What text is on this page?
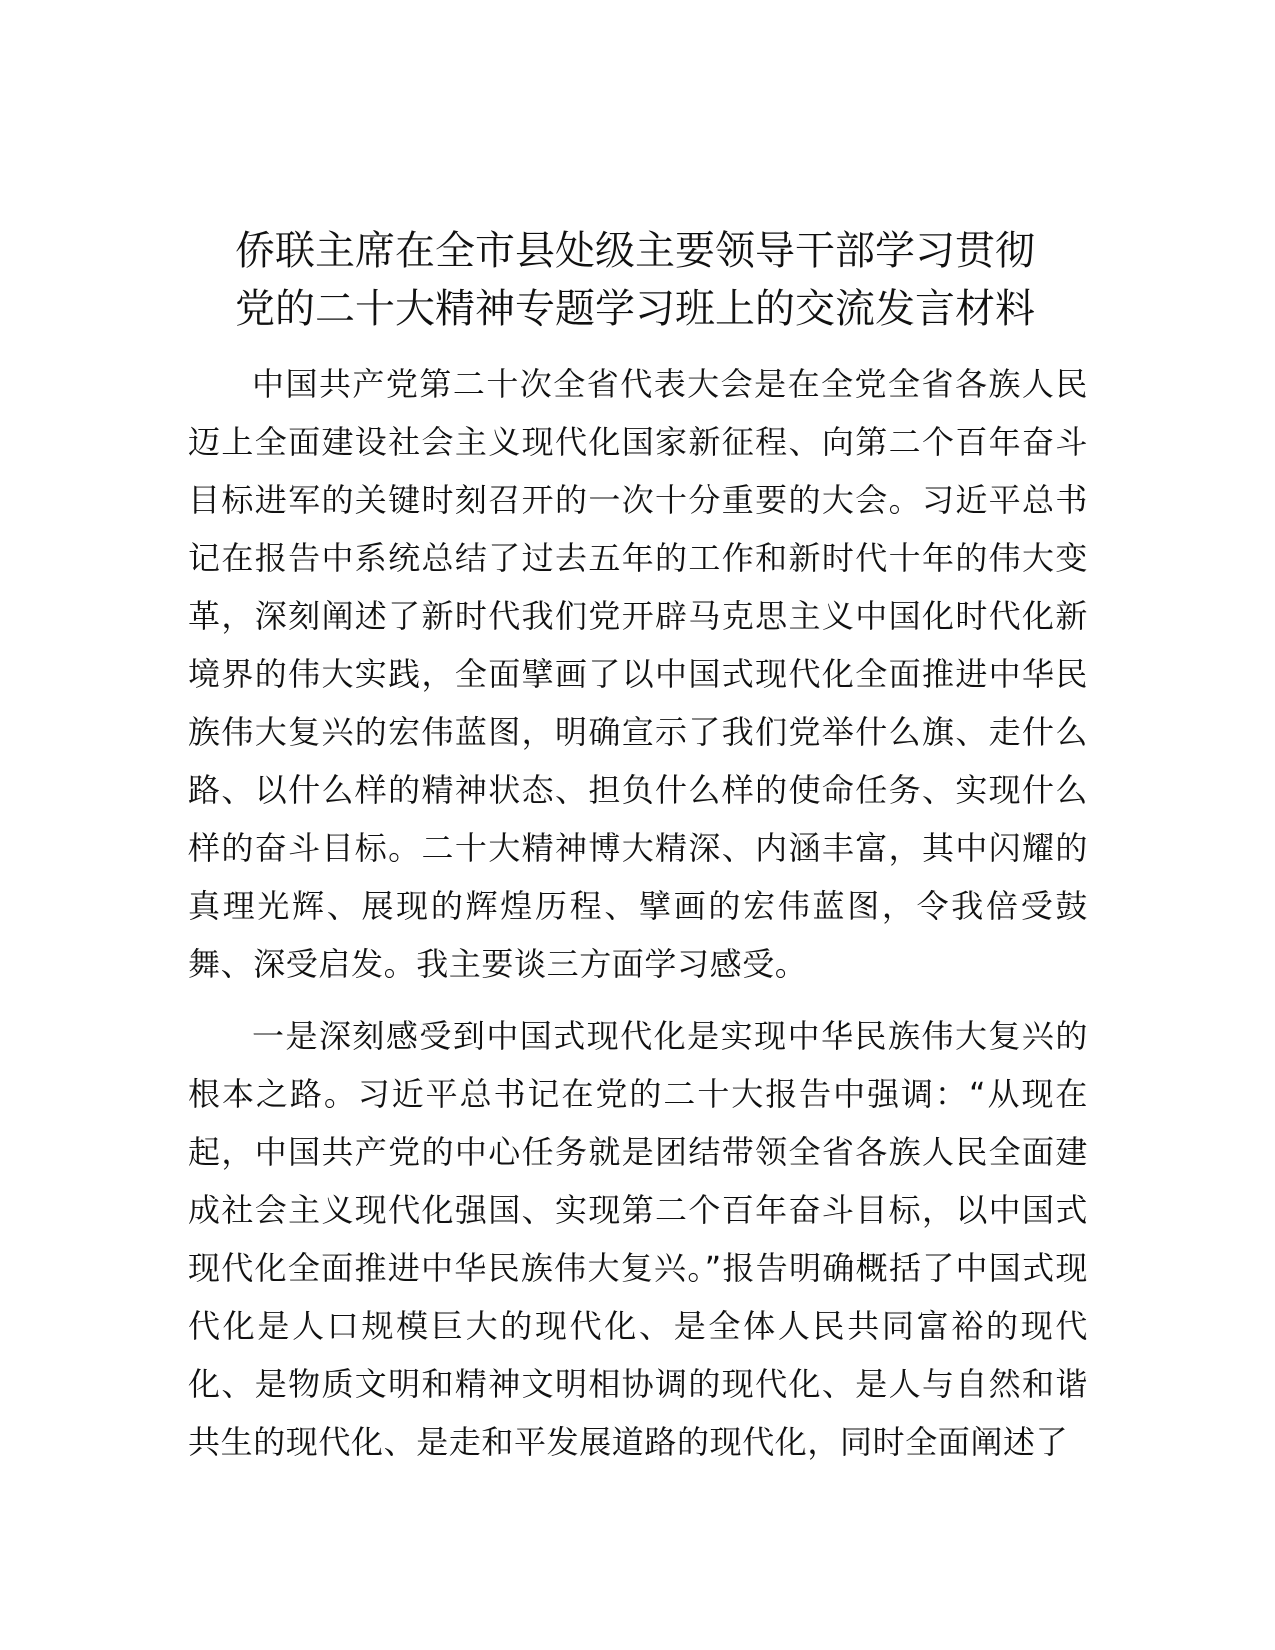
侨联主席在全市县处级主要领导干部学习贯彻
党的二十大精神专题学习班上的交流发言材料

中国共产党第二十次全省代表大会是在全党全省各族人民迈上全面建设社会主义现代化国家新征程、向第二个百年奋斗目标进军的关键时刻召开的一次十分重要的大会。习近平总书记在报告中系统总结了过去五年的工作和新时代十年的伟大变革，深刻阐述了新时代我们党开辟马克思主义中国化时代化新境界的伟大实践，全面擘画了以中国式现代化全面推进中华民族伟大复兴的宏伟蓝图，明确宣示了我们党举什么旗、走什么路、以什么样的精神状态、担负什么样的使命任务、实现什么样的奋斗目标。二十大精神博大精深、内涵丰富，其中闪耀的真理光辉、展现的辉煌历程、擘画的宏伟蓝图，令我倍受鼓舞、深受启发。我主要谈三方面学习感受。

一是深刻感受到中国式现代化是实现中华民族伟大复兴的根本之路。习近平总书记在党的二十大报告中强调：“从现在起，中国共产党的中心任务就是团结带领全省各族人民全面建成社会主义现代化强国、实现第二个百年奋斗目标，以中国式现代化全面推进中华民族伟大复兴。”报告明确概括了中国式现代化是人口规模巨大的现代化、是全体人民共同富裕的现代化、是物质文明和精神文明相协调的现代化、是人与自然和谐共生的现代化、是走和平发展道路的现代化，同时全面阐述了
